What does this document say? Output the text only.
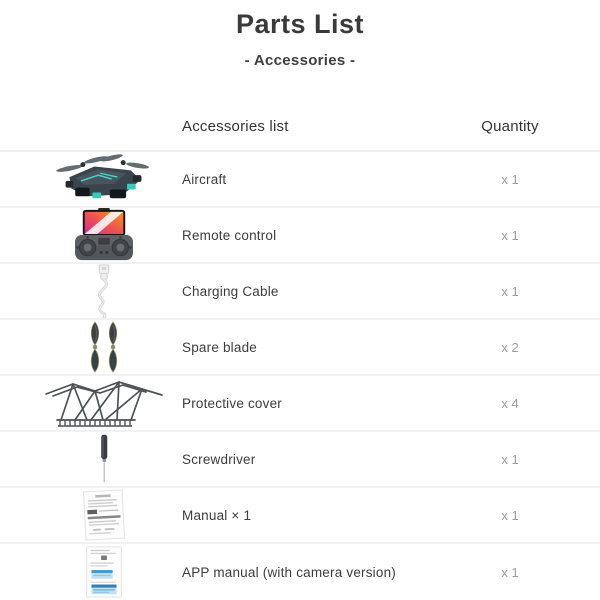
Parts List
- Accessories -
Accessories list	Quantity
Aircraft	x 1
Remote control	x 1
Charging Cable	x 1
Spare blade	x 2
Protective cover	x 4
Screwdriver	x 1
Manual × 1	x 1
APP manual (with camera version)	x 1
